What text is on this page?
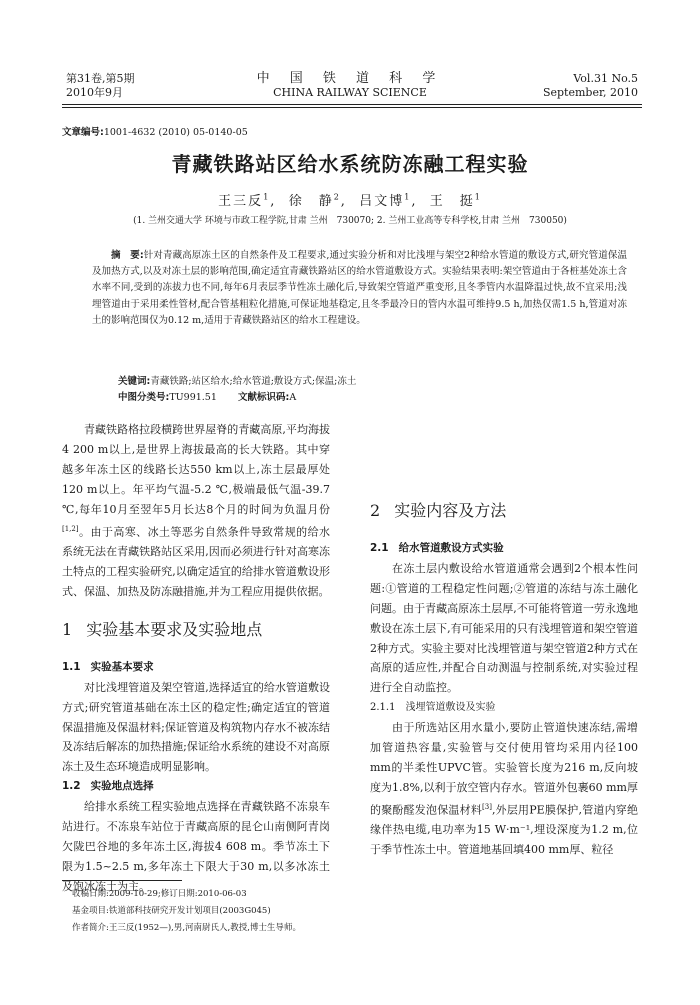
第31卷,第5期
2010年9月
中 国 铁 道 科 学
CHINA RAILWAY SCIENCE
Vol.31 No.5
September, 2010
文章编号:1001-4632 (2010) 05-0140-05
青藏铁路站区给水系统防冻融工程实验
王三反$^1$, 徐　静$^2$, 吕文博$^1$, 王　挺$^1$
(1. 兰州交通大学 环境与市政工程学院,甘肃 兰州　730070; 2. 兰州工业高等专科学校,甘肃 兰州　730050)
摘　要:针对青藏高原冻土区的自然条件及工程要求,通过实验分析和对比浅埋与架空2种给水管道的敷设方式,研究管道保温及加热方式,以及对冻土层的影响范围,确定适宜青藏铁路站区的给水管道敷设方式。实验结果表明:架空管道由于各桩基处冻土含水率不同,受到的冻拔力也不同,每年6月表层季节性冻土融化后,导致架空管道严重变形,且冬季管内水温降温过快,故不宜采用;浅埋管道由于采用柔性管材,配合管基粗粒化措施,可保证地基稳定,且冬季最冷日的管内水温可维持9.5 h,加热仅需1.5 h,管道对冻土的影响范围仅为0.12 m,适用于青藏铁路站区的给水工程建设。
关键词:青藏铁路;站区给水;给水管道;敷设方式;保温;冻土
中图分类号:TU991.51 文献标识码:A

青藏铁路格拉段横跨世界屋脊的青藏高原,平均海拔4 200 m以上,是世界上海拔最高的长大铁路。其中穿越多年冻土区的线路长达550 km以上,冻土层最厚处120 m以上。年平均气温-5.2 ℃,极端最低气温-39.7 ℃,每年10月至翌年5月长达8个月的时间为负温月份[1,2]。由于高寒、冰土等恶劣自然条件导致常规的给水系统无法在青藏铁路站区采用,因而必须进行针对高寒冻土特点的工程实验研究,以确定适宜的给排水管道敷设形式、保温、加热及防冻融措施,并为工程应用提供依据。

1 实验基本要求及实验地点
1.1 实验基本要求

对比浅埋管道及架空管道,选择适宜的给水管道敷设方式;研究管道基础在冻土区的稳定性;确定适宜的管道保温措施及保温材料;保证管道及构筑物内存水不被冻结及冻结后解冻的加热措施;保证给水系统的建设不对高原冻土及生态环境造成明显影响。

1.2 实验地点选择

给排水系统工程实验地点选择在青藏铁路不冻泉车站进行。不冻泉车站位于青藏高原的昆仑山南侧阿青岗欠陇巴谷地的多年冻土区,海拔4 608 m。季节冻土下限为1.5~2.5 m,多年冻土下限大于30 m,以多冰冻土及饱冰冻土为主。

2 实验内容及方法
2.1 给水管道敷设方式实验

在冻土层内敷设给水管道通常会遇到2个根本性问题:①管道的工程稳定性问题;②管道的冻结与冻土融化问题。由于青藏高原冻土层厚,不可能将管道一劳永逸地敷设在冻土层下,有可能采用的只有浅埋管道和架空管道2种方式。实验主要对比浅埋管道与架空管道2种方式在高原的适应性,并配合自动测温与控制系统,对实验过程进行全自动监控。

2.1.1 浅埋管道敷设及实验

由于所选站区用水量小,要防止管道快速冻结,需增加管道热容量,实验管与交付使用管均采用内径100 mm的半柔性UPVC管。实验管长度为216 m,反向坡度为1.8%,以利于放空管内存水。管道外包裹60 mm厚的聚酚醛发泡保温材料[3],外层用PE膜保护,管道内穿绝缘伴热电缆,电功率为15 W·m⁻¹,埋设深度为1.2 m,位于季节性冻土中。管道地基回填400 mm厚、粒径

收稿日期:2009-10-29;修订日期:2010-06-03
基金项目:铁道部科技研究开发计划项目(2003G045)
作者简介:王三反(1952—),男,河南尉氏人,教授,博士生导师。
